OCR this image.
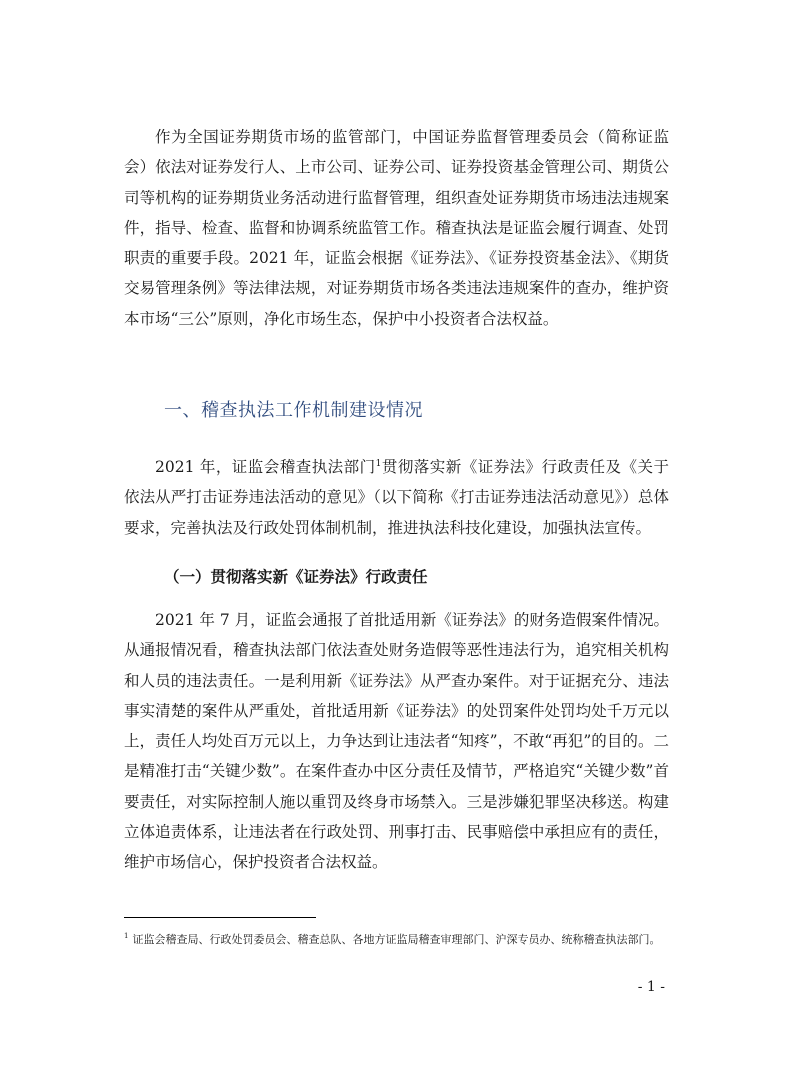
作为全国证券期货市场的监管部门，中国证券监督管理委员会（简称证监会）依法对证券发行人、上市公司、证券公司、证券投资基金管理公司、期货公司等机构的证券期货业务活动进行监督管理，组织查处证券期货市场违法违规案件，指导、检查、监督和协调系统监管工作。稽查执法是证监会履行调查、处罚职责的重要手段。2021 年，证监会根据《证券法》、《证券投资基金法》、《期货交易管理条例》等法律法规，对证券期货市场各类违法违规案件的查办，维护资本市场“三公”原则，净化市场生态，保护中小投资者合法权益。

一、稽查执法工作机制建设情况

2021 年，证监会稽查执法部门$^1$贯彻落实新《证券法》行政责任及《关于依法从严打击证券违法活动的意见》（以下简称《打击证券违法活动意见》）总体要求，完善执法及行政处罚体制机制，推进执法科技化建设，加强执法宣传。

（一）贯彻落实新《证券法》行政责任

2021 年 7 月，证监会通报了首批适用新《证券法》的财务造假案件情况。从通报情况看，稽查执法部门依法查处财务造假等恶性违法行为，追究相关机构和人员的违法责任。一是利用新《证券法》从严查办案件。对于证据充分、违法事实清楚的案件从严重处，首批适用新《证券法》的处罚案件处罚均处千万元以上，责任人均处百万元以上，力争达到让违法者“知疼”，不敢“再犯”的目的。二是精准打击“关键少数”。在案件查办中区分责任及情节，严格追究“关键少数”首要责任，对实际控制人施以重罚及终身市场禁入。三是涉嫌犯罪坚决移送。构建立体追责体系，让违法者在行政处罚、刑事打击、民事赔偿中承担应有的责任，维护市场信心，保护投资者合法权益。

$^1$ 证监会稽查局、行政处罚委员会、稽查总队、各地方证监局稽查审理部门、沪深专员办、统称稽查执法部门。

- 1 -
